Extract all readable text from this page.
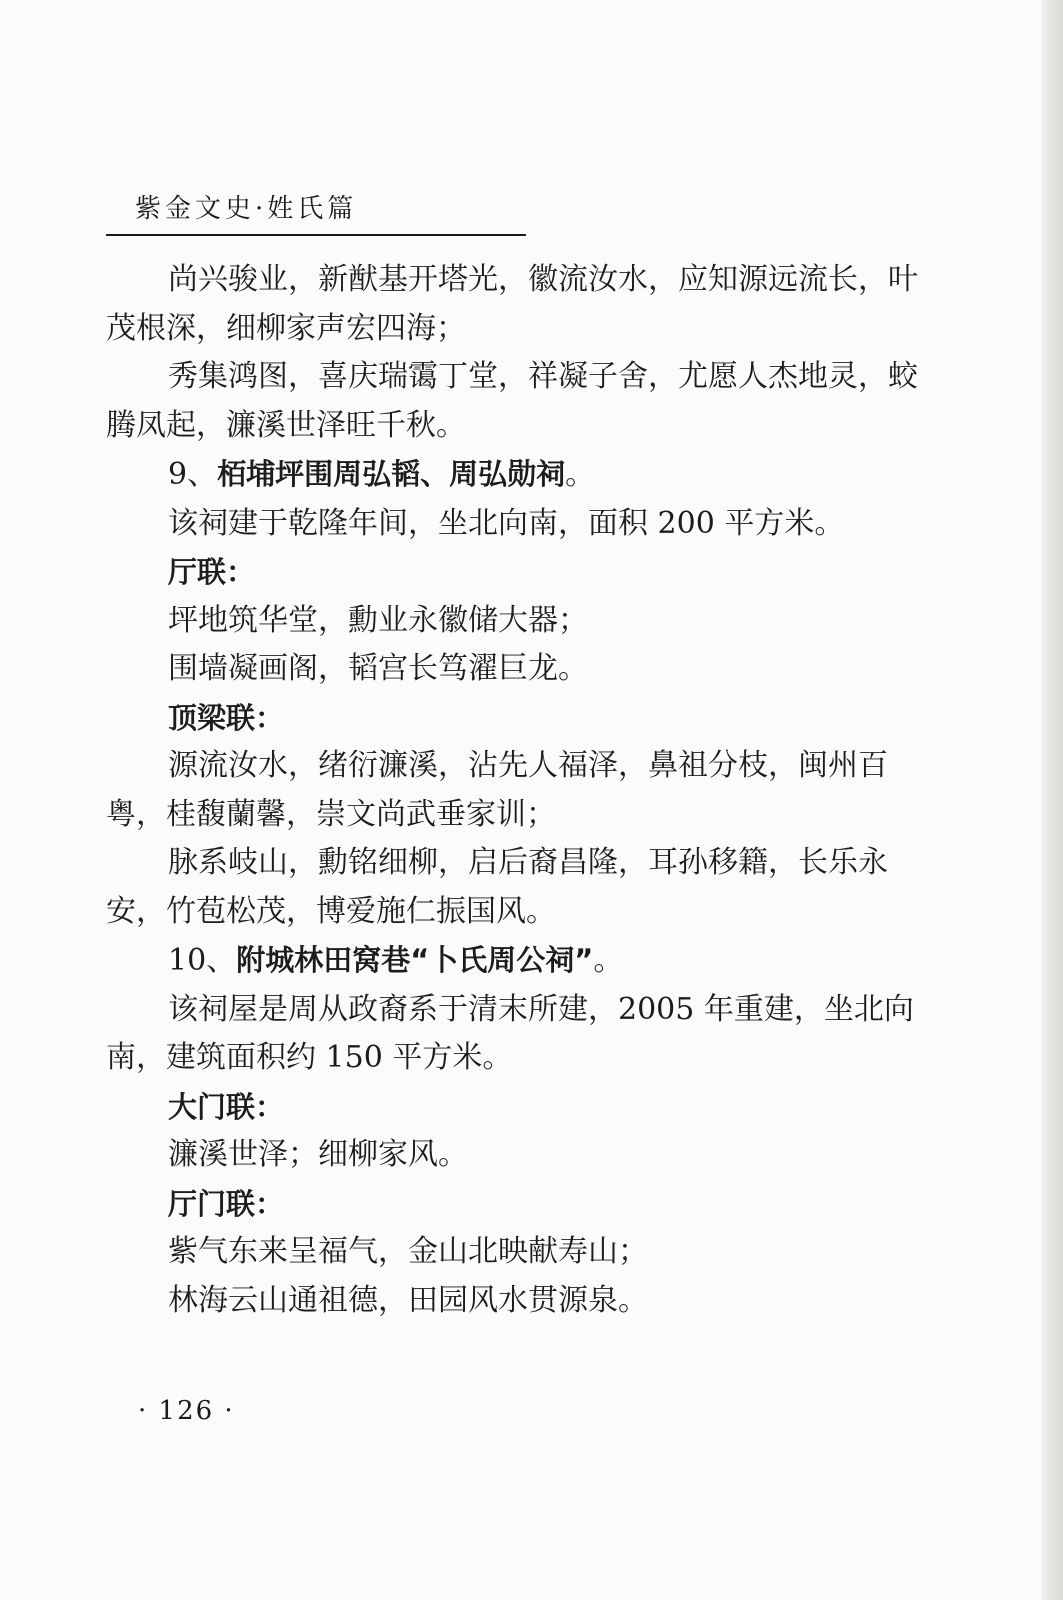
紫金文史·姓氏篇

尚兴骏业，新猷基开塔光，徽流汝水，应知源远流长，叶茂根深，细柳家声宏四海；

秀集鸿图，喜庆瑞霭丁堂，祥凝子舍，尤愿人杰地灵，蛟腾凤起，濂溪世泽旺千秋。

9、栢埔坪围周弘韬、周弘勋祠。

该祠建于乾隆年间，坐北向南，面积 200 平方米。

厅联：

坪地筑华堂，勳业永徽储大器；

围墙凝画阁，韬宫长笃濯巨龙。

顶梁联：

源流汝水，绪衍濂溪，沾先人福泽，鼻祖分枝，闽州百粤，桂馥蘭馨，崇文尚武垂家训；

脉系岐山，勳铭细柳，启后裔昌隆，耳孙移籍，长乐永安，竹苞松茂，博爱施仁振国风。

10、附城林田窝巷“卜氏周公祠”。

该祠屋是周从政裔系于清末所建，2005 年重建，坐北向南，建筑面积约 150 平方米。

大门联：

濂溪世泽；细柳家风。

厅门联：

紫气东来呈福气，金山北映献寿山；

林海云山通祖德，田园风水贯源泉。

· 126 ·
